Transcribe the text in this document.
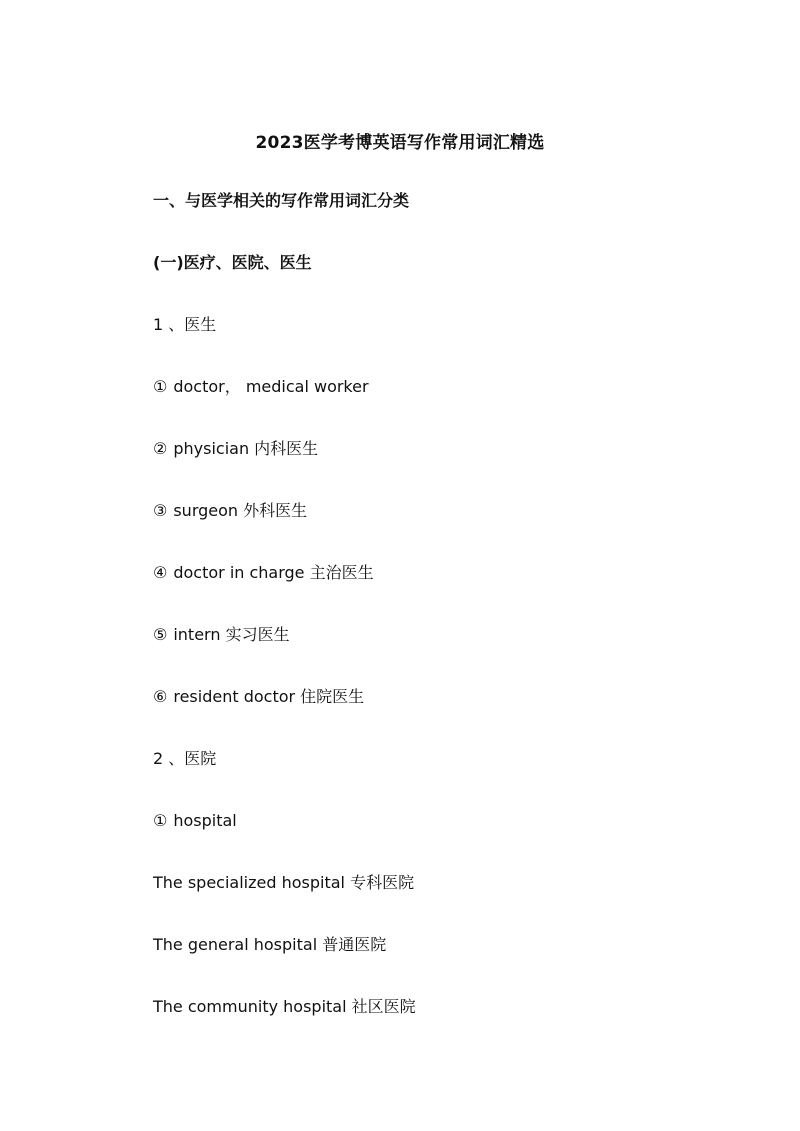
2023医学考博英语写作常用词汇精选
一、与医学相关的写作常用词汇分类
(一)医疗、医院、医生
1 、医生
① doctor， medical worker
② physician 内科医生
③ surgeon 外科医生
④ doctor in charge 主治医生
⑤ intern 实习医生
⑥ resident doctor 住院医生
2 、医院
① hospital
The specialized hospital 专科医院
The general hospital 普通医院
The community hospital 社区医院
